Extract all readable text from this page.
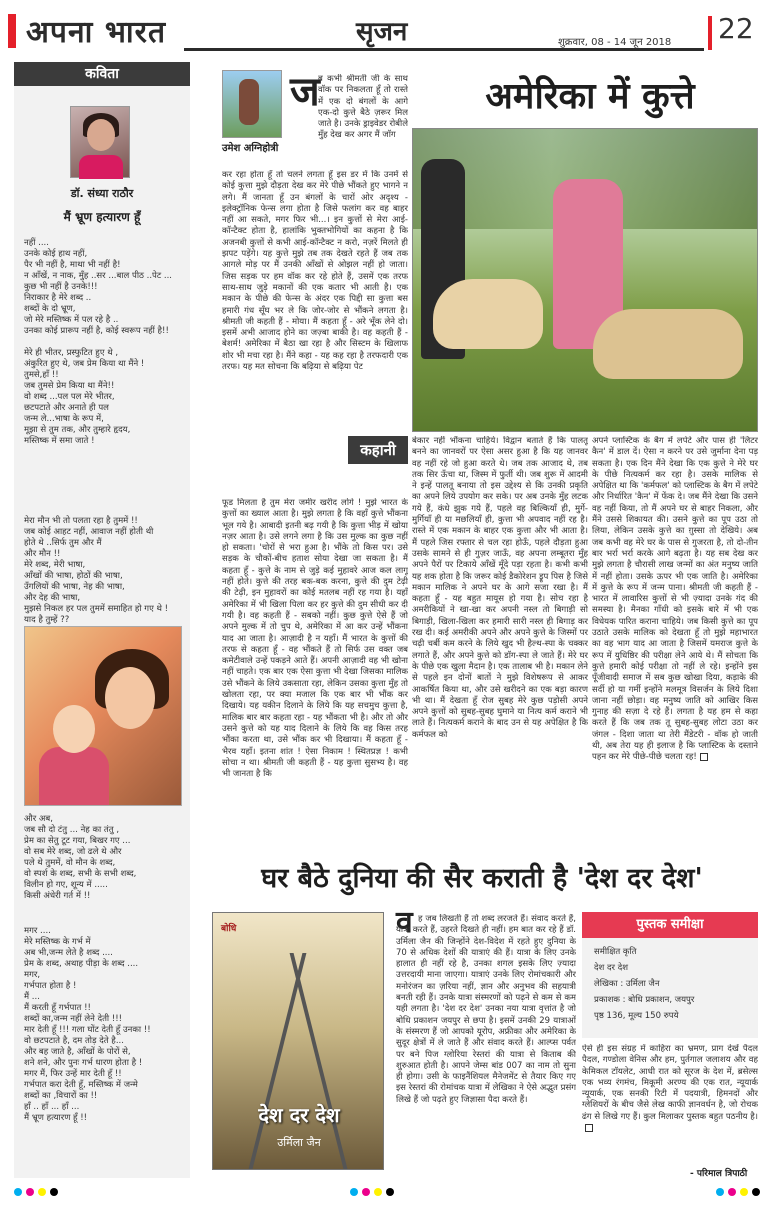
अपना भारत	सृजन	शुक्रवार, 08 - 14 जून 2018 22
कविता
डॉ. संध्या राठौर
मैं भ्रूण हत्यारण हूँ
नहीं ....
उनके कोई हाथ नहीं,
पैर भी नहीं है, माथा भी नहीं है!
न आँखें, न नाक, मुँह ..सर ...बाल पीठ ..पेट ...
कुछ भी नहीं है उनके!!!
निराकार है मेरे शब्द ..
शब्दों के दो भ्रूण,
जो मेरे मस्तिष्क में पल रहे है ..
उनका कोई प्रारूप नहीं है, कोई स्वरूप नहीं है!!

मेरे ही भीतर, प्रस्फुटित हुए थे ,
अंकुरित हुए थे, जब प्रेम किया था मैंने !
तुमसे,हाँ !!
जब तुमसे प्रेम किया था मैंने!!
वो शब्द ...पल पल मेरे भीतर,
छटपटाते और अनाते ही पल
जन्म ले...भाषा के रूप में,
मूझा से तुम तक, और तुम्हारे हृदय,
मस्तिष्क में समा जाते !
मेरा मौन भी तो पलता रहा है तुममें !!
जब कोई आहट नहीं, आवाज नहीं होती थी
होते थे ..सिर्फ तुम और मैं
और मौन !!
मेरे शब्द, मेरी भाषा,
आँखों की भाषा, होठों की भाषा,
उँगलियों की भाषा, नेह की भाषा,
और देह की भाषा,
मुझसे निकल हर पल तुममें समाहित हो गए थे !
याद है तुम्हें ??
और अब,
जब सौ दो टंतु ... नेह का तंतु ,
प्रेम का सेतु टूट गया, बिखर गए ...
वो सब मेरे शब्द, जो ढले थे और
पले थे तुममें, वो मौन के शब्द,
वो स्पर्श के शब्द, सभी के सभी शब्द,
विलीन हो गए, शून्य में .....
किसी अंधेरी गर्त में !!
मगर ....
मेरे मस्तिष्क के गर्भ में
अब भी,जन्म लेते है शब्द ....
प्रेम के शब्द, अथाह पीड़ा के शब्द ....
मगर,
गर्भपात होता है !
मैं ...
मैं करती हूँ गर्भपात !!
शब्दों का,जन्म नहीं लेने देती !!!
मार देती हूँ !!! गला घोंट देती हूँ उनका !!
वो छटपटाते है, दम तोड़ देते है...
और बह जाते है, आँखों के पोरों से,
शने शने, और पुनः गर्भ धारण होता है !
मगर मैं, फिर उन्हें मार देती हूँ !!
गर्भपात करा देती हूँ, मस्तिष्क में जन्मे
शब्दों का ,विचारों का !!
हाँ .. हाँ ... हाँ ...
मैं भ्रूण हत्यारण हूँ !!
उमेश अग्निहोत्री
ज
ब कभी श्रीमती जी के साथ वॉक पर निकलता हूँ तो रास्ते में एक दो बंगलों के आगे एक-दो कुत्ते बैठे ज़रूर मिल जाते है। उनके ड्राइवेडर रोबीले मुँह देख कर अगर मैं जॉग
अमेरिका में कुत्ते
कर रहा होता हूँ तो चलने लगता हूँ इस डर में कि उनमें से कोई कुत्ता मुझे दौड़ता देख कर मेरे पीछे भौंकते हुए भागने न लगे। मैं जानता हूँ उन बंगलों के चारों ओर अदृश्य - इलेक्ट्रॉनिक फेन्स लगा होता है जिसे फलांग कर वह बाहर नहीं आ सकते, मगर फिर भी...। इन कुत्तों से मेरा आई-कॉन्टैक्ट होता है, हालांकि भुक्तभोगियों का कहना है कि अजनबी कुत्तों से कभी आई-कॉन्टैक्ट न करो, नज़रें मिलते ही झपट पड़ेंगे। यह कुत्ते मुझे तब तक देखते रहते हैं जब तक आगले मोड़ पर मैं उनकी आँखों से ओझल नहीं हो जाता। जिस सड़क पर हम वॉक कर रहे होते हैं, उसमें एक तरफ साथ-साथ जुड़े मकानों की एक कतार भी आती है। एक मकान के पीछे की फेन्स के अंदर एक पिद्दी सा कुत्ता बस हमारी गंध सूँघ भर ले कि जोर-जोर से भौंकने लगता है। श्रीमती जी कहती हैं - मोया। मैं कहता हूँ - अरे भूँक लेने दो। इसमें अभी आजाद होने का जज़्बा बाकी है। वह कहती हैं - बेशर्म! अमेरिका में बैठा खा रहा है और सिस्टम के खिलाफ शोर भी मचा रहा है। मैंने कहा - यह कह रहा है तरफदारी एक तरफ। यह मत सोचना कि बढ़िया से बढ़िया पेट
कहानी
फूड मिलता है तुम मेरा जमीर खरीद लोगे ! मुझे भारत के कुत्तों का ख्याल आता है। मुझे लगता है कि वहाँ कुत्ते भौंकना भूल गये है। आबादी इतनी बढ़ गयी है कि कुत्ता भीड़ में खोया नज़र आता है। उसे लगने लगा है कि उस मुल्क का कुछ नहीं हो सकता। 'चोरों से भरा हुआ है। भौंके तो किस पर। उसे सड़क के चौकों-बीच हताश सोया देखा जा सकता है। मैं कहता हूँ - कुत्ते के नाम से जुड़े कई मुहावरे आज कल लागू नहीं होते। कुत्ते की तरह बक-बक करना, कुत्ते की दुम टेढ़ी की टेढ़ी, इन मुहावरों का कोई मतलब नहीं रह गया है। यहाँ अमेरिका में भी खिला पिला कर हर कुत्ते की दुम सीधी कर दी गयी है। वह कहती हैं - सबको नहीं। कुछ कुत्ते ऐसे हैं जो अपने मुल्क में तो चुप थे, अमेरिका में आ कर उन्हें भौंकना याद आ जाता है। आज़ादी है न यहाँ। मैं भारत के कुत्तों की तरफ से कहता हूँ - वह भौंकते हैं तो सिर्फ उस वक्त जब कमेटीवाले उन्हें पकड़ने आते हैं। अपनी आज़ादी वह भी खोना नहीं चाहते। एक बार एक ऐसा कुत्ता भी देखा जिसका मालिक उसे भौंकने के लिये उकसाता रहा, लेकिन उसका कुत्ता मुँह तो खोलता रहा, पर क्या मजाल कि एक बार भी भौंक कर दिखाये। यह यकीन दिलाने के लिये कि यह सचमुच कुत्ता है, मालिक बार बार कहता रहा - यह भौंकता भी है। और तो और उसने कुत्ते को यह याद दिलाने के लिये कि वह किस तरह भौंका करता था, उसे भौंक कर भी दिखाया। मैं कहता हूँ - भैरव यहाँ। इतना शांत ! ऐसा निकाम ! स्थितप्रज्ञ ! कभी सोचा न था। श्रीमती जी कहती हैं - यह कुत्ता सुसभ्य है। वह भी जानता है कि
बेकार नहीं भौंकना चाहिये। विद्वान बताते हैं कि पालतू बनने का जानवरों पर ऐसा असर हुआ है कि यह जानवर वह नहीं रहे जो हुआ करते थे। जब तक आजाद थे, तब तक सिर ऊँचा था, जिस्म में फुर्ती थी। जब शुरू में आदमी ने इन्हें पालतू बनाया तो इस उद्देश्य से कि उनकी प्रकृति का अपने लिये उपयोग कर सके। पर अब उनके मुँह लटक गये हैं, कंधे झुक गये हैं, पहले वह बिल्कियाँ ही, मुर्गे-मुर्गियाँ ही या मछलियाँ ही, कुत्ता भी अपवाद नहीं रह है। रास्ते में एक मकान के बाहर एक कुत्ता और भी आता है। मैं पहले जिस रफ्तार से चल रहा होऊँ, पहले दौड़ता हुआ उसके सामने से ही गुज़र जाऊँ, वह अपना लम्बूतरा मुँह अपने पैरों पर टिकाये आँखें मूँदे पड़ा रहता है। कभी कभी यह शक होता है कि जरूर कोई डैकोरेशन ड्रूप पिस है जिसे मकान मालिक ने अपने घर के आगे सजा रखा है। मैं कहता हूँ - यह बहुत मायूस हो गया है। सोच रहा है अमरीकियों ने खा-खा कर अपनी नस्ल तो बिगाड़ी सो बिगाड़ी, खिला-खिला कर हमारी सारी नस्ल ही बिगाड़ कर रख दी। कई अमरीकी अपने और अपने कुत्ते के जिस्मों पर चढ़ी चर्बी कम करने के लिये खुद भी हैल्थ-स्पा के चक्कर लगाते हैं, और अपने कुत्ते को डॉग-स्पा ले जाते हैं। मेरे घर के पीछे एक खुला मैदान है। एक तालाब भी है। मकान लेने से पहले इन दोनों बातों ने मुझे विशेषरूप से आकर आकर्षित किया था, और उसे खरीदने का एक बड़ा कारण भी था। मैं देखता हूँ रोज सुबह मेरे कुछ पड़ोसी अपने अपने कुत्तों को सुबह-सुबह घुमाने या नित्य कर्म कराने भी लाते हैं। नित्यकर्म कराने के बाद उन से यह अपेक्षित है कि कर्मफल को
अपने प्लास्टिक के बैग में लपेटे और पास ही 'लिटर कैन' में डाल दें। ऐसा न करने पर उसे जुर्माना देना पड़ सकता है। एक दिन मैंने देखा कि एक कुत्ते ने मेरे घर के पीछे नित्यकर्म कर रहा है। उसके मालिक से अपेक्षित था कि 'कर्मफल' को प्लास्टिक के बैग में लपेटे और निर्धारित 'कैन' में फेंक दे। जब मैंने देखा कि उसने वह नहीं किया, तो मैं अपने घर से बाहर निकला, और मैंने उससे शिकायत की। उसने कुत्ते का पूप उठा तो लिया, लेकिन उसके कुत्ते का ग़ुस्सा तो देखिये। अब जब कभी वह मेरे घर के पास से गुजरता है, तो दो-तीन बार भर्रा भर्रा करके आगे बढ़ता है। यह सब देख कर मुझे लगता है चौरासी लाख जन्मों का अंत मनुष्य जाति में नहीं होता। उसके ऊपर भी एक जाति है। अमेरिका में कुत्ते के रूप में जन्म पाना। श्रीमती जी कहती हैं - भारत में लावारिस कुत्तों से भी ज़्यादा उनके गंद की समस्या है। मैनका गाँधी को इसके बारे में भी एक विधेयक पारित कराना चाहिये। जब किसी कुत्ते का पूप उठाते उसके मालिक को देखता हूँ तो मुझे महाभारत का वह भाग याद आ जाता है जिसमें यमराज कुत्ते के रूप में युधिष्ठिर की परीक्षा लेने आये थे। मैं सोचता कि कुत्ते हमारी कोई परीक्षा तो नहीं ले रहे। इन्होंने इस पूँजीवादी समाज में सब कुछ खोखा दिया, कड़ाके की सर्दी हो या गर्मी इन्होंने मलमूत्र विसर्जन के लिये दिशा जाना नहीं छोड़ा। वह मनुष्य जाति को आखिर किस गुनाह की सज़ा दे रहे हैं। लगता है यह हम से कहा करते हैं कि जब तक तू सुबह-सुबह लोटा उठा कर जंगल - दिशा जाता था तेरी मैंडेटरी - वॉक हो जाती थी, अब तेरा यह ही इलाज है कि प्लास्टिक के दस्ताने पहन कर मेरे पीछे-पीछे चलता रह!
घर बैठे दुनिया की सैर कराती है 'देश दर देश'
बोधि
देश दर देश
उर्मिला जैन
व ह जब लिखती हैं तो शब्द लरजते हैं। संवाद करते हैं, यात्रा करते हैं, उहरते दिखते ही नहीं। हम बात कर रहे हैं डॉ. उर्मिला जैन की जिन्होंने देश-विदेश में रहते हुए दुनिया के 70 से अधिक देशों की यात्राएं की हैं। यात्रा के लिए उनके हालात ही नहीं रहे है, उनका शगल इसके लिए ज़्यादा उत्तरदायी माना जाएगा। यात्राएं उनके लिए रोमांचकारी और मनोरंजन का ज़रिया नहीं, ज्ञान और अनुभव की सहयात्री बनती रही हैं। उनके यात्रा संस्मरणों को पढ़ने से कम से कम यही लगता है। 'देश दर देश' उनका नया यात्रा वृत्तांत है जो बोधि प्रकाशन जयपुर से छपा है। इसमें उनकी 29 यात्राओं के संस्मरण हैं जो आपको यूरोप, अफ्रीका और अमेरिका के सुदूर क्षेत्रों में ले जाते हैं और संवाद करते हैं। आल्प्स पर्वत पर बने पिज ग्लोरिया रेस्तरां की यात्रा से किताब की शुरुआत होती है। आपने जेम्स बांड 007 का नाम तो सुना ही होगा। उसी के फाइनैंशियल मैनेजमेंट से तैयार किए गए इस रेस्तरां की रोमांचक यात्रा में लेखिका ने ऐसे अद्भुत प्रसंग लिखे हैं जो पढ़ते हुए जिज्ञासा पैदा करते हैं।
पुस्तक समीक्षा
समीक्षित कृति
देश दर देश
लेखिका : उर्मिला जैन
प्रकाशक : बोधि प्रकाशन, जयपुर
पृष्ठ 136, मूल्य 150 रुपये
ऐसे ही इस संग्रह में काहिरा का भ्रमण, प्राग देखें पैदल पैदल, गण्डोला वेनिस और हम, पुर्तगाल जलाशय और वह केमिकल टॉयलेट, आधी रात को सूरज के देश में, ब्रसेल्स एक भव्य रंगमंच, मिकूमी अरण्य की एक रात, न्यूयार्क न्यूयार्क, एक सनकी रिटी में पदयात्री, हिमनदों और ग्लेशियरों के बीच जैसे लेख काफी ज्ञानवर्धन है, जो रोचक ढंग से लिखे गए हैं। कुल मिलाकर पुस्तक बहुत पठनीय है।
- परिमाल त्रिपाठी
